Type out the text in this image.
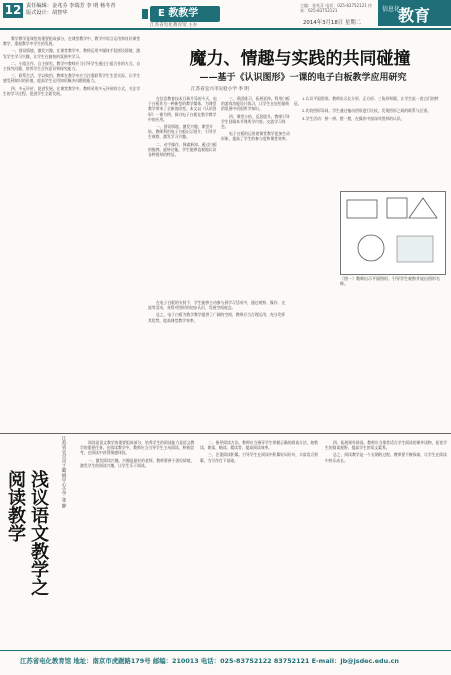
12 责任编辑：金兆芬 李端芳 李 明 杨冬青
版式设计：胡智华	E 教教学
江苏省电化教育馆 主办
主编：金兆芬 电话：025-83752121 传真：025-83752121
2014年3月18日 星期二
信息化
教育

教学教学是课堂的重要组成部分，在课堂教学中，教学中语言运用和良好课堂教学，重视教学中学生的发展。

一、创设情境，激发兴趣。在课堂教学中，教师运用多媒体手段创设情境，激发学生学习兴趣，让学生在愉快的氛围中学习。

二、小组合作，自主探究。教学中教师应当引导学生通过小组合作的方式，自主探究问题，培养学生合作意识和探究能力。

三、联系生活，学以致用。教师在教学中应当注重联系学生生活实际，让学生感受到知识的价值，提高学生运用知识解决问题的能力。

四、多元评价，促进发展。在课堂教学中，教师采用多元评价的方式，关注学生的学习过程，促进学生全面发展。

魔力、情趣与实践的共同碰撞
——基于《认识图形》一课的电子白板教学应用研究
江苏省宜兴市实验小学 李 明

在信息教育技术日新月异的今天，电子白板作为一种新型的教学媒体，为课堂教学带来了全新的改变。本文以《认识图形》一课为例，探讨电子白板在数学教学中的应用。

一、创设情境，激发兴趣。课堂开始，教师利用电子白板出示图片，引导学生观察，激发学习兴趣。

二、动手操作，探索新知。通过白板的拖拽、旋转功能，学生能够直观地认识各种图形的特征。

三、巩固练习，拓展延伸。利用白板的游戏功能设计练习，让学生在轻松愉快的氛围中巩固所学知识。

四、课堂小结，反思提升。教师引导学生回顾本节课所学内容，交流学习体会。

电子白板的运用使课堂教学更加生动形象，提高了学生的参与度和课堂效率。

1.认识平面图形。教师出示长方形、正方形、三角形和圆，让学生说一说它们的特征。

2.比较图形异同。学生通过拖动图形进行比较，发现图形之间的联系与区别。

3.学生活动：拼一拼、摆一摆，在操作中加深对图形的认识。

（图一）教师出示平面图形，引导学生观察并说出图形名称。

在电子白板的支持下，学生能够主动参与到学习活动中，通过观察、操作、交流等活动，获得对图形的初步认识，发展空间观念。

总之，电子白板为数学教学提供了广阔的空间，教师应当合理运用，充分发挥其优势，提高课堂教学效率。

浅议语文教学之阅读教学	江苏省宜兴市丁蜀镇中心小学 张 静	阅读是语文教学的重要组成部分，培养学生的阅读能力是语文教学的重要任务。在阅读教学中，教师应当引导学生主动阅读，积极思考，在阅读中获得情感体验。

一、激发阅读兴趣。兴趣是最好的老师，教师要善于创设情境，激发学生的阅读兴趣，让学生乐于阅读。

二、指导阅读方法。教师应当指导学生掌握正确的阅读方法，如默读、朗读、略读、精读等，提高阅读效率。

三、注重阅读积累。引导学生在阅读中积累好词好句，丰富语言积累，为写作打下基础。

四、拓展课外阅读。教师应当推荐适合学生阅读的课外读物，拓宽学生的阅读视野，提高学生的语文素养。

总之，阅读教学是一个长期的过程，教师要不断探索，让学生在阅读中快乐成长。

江苏省电化教育馆 地址：南京市虎踞路179号 邮编：210013 电话：025-83752122 83752121 E-mail：jb@jsdec.edu.cn
